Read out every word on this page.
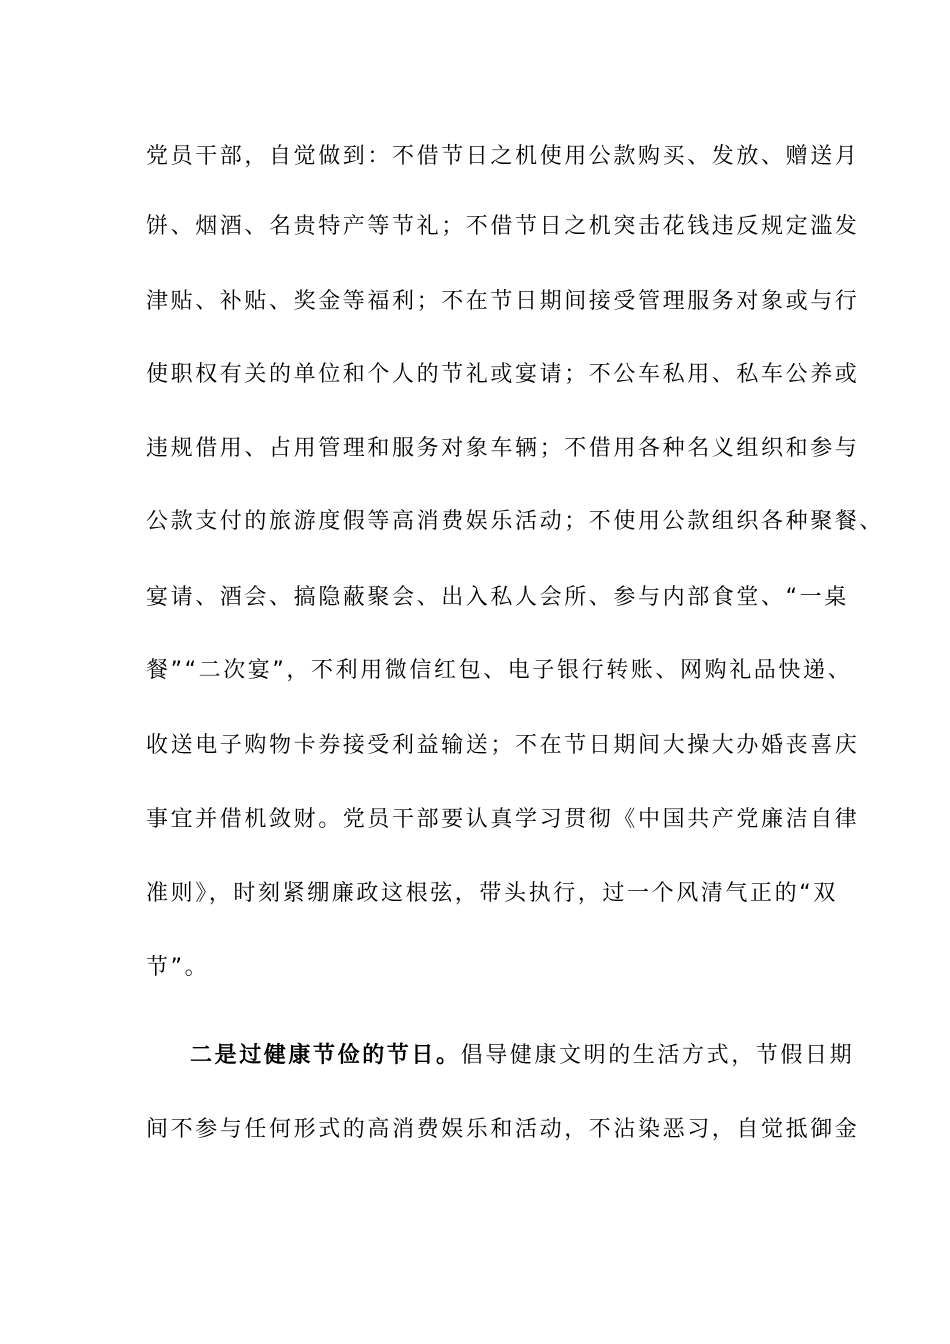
党员干部，自觉做到：不借节日之机使用公款购买、发放、赠送月
饼、烟酒、名贵特产等节礼；不借节日之机突击花钱违反规定滥发
津贴、补贴、奖金等福利；不在节日期间接受管理服务对象或与行
使职权有关的单位和个人的节礼或宴请；不公车私用、私车公养或
违规借用、占用管理和服务对象车辆；不借用各种名义组织和参与
公款支付的旅游度假等高消费娱乐活动；不使用公款组织各种聚餐、
宴请、酒会、搞隐蔽聚会、出入私人会所、参与内部食堂、“一桌
餐”“二次宴”，不利用微信红包、电子银行转账、网购礼品快递、
收送电子购物卡券接受利益输送；不在节日期间大操大办婚丧喜庆
事宜并借机敛财。党员干部要认真学习贯彻《中国共产党廉洁自律
准则》，时刻紧绷廉政这根弦，带头执行，过一个风清气正的“双
节”。
二是过健康节俭的节日。倡导健康文明的生活方式，节假日期
间不参与任何形式的高消费娱乐和活动，不沾染恶习，自觉抵御金
